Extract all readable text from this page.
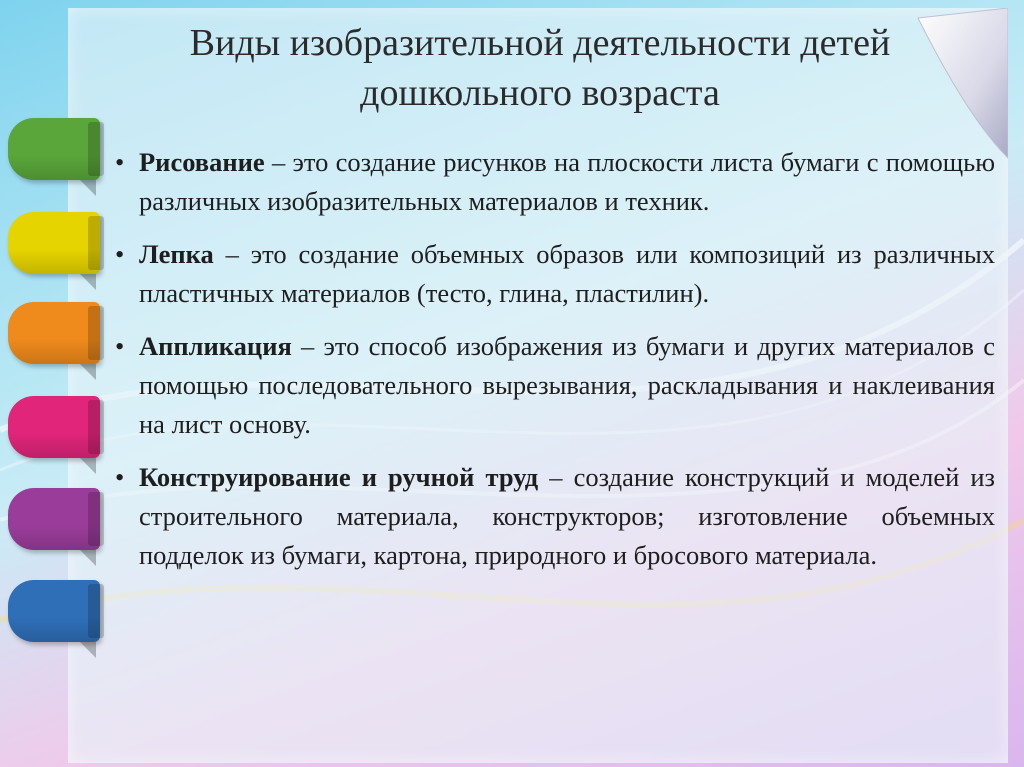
Виды изобразительной деятельности детей
дошкольного возраста
• Рисование – это создание рисунков на плоскости листа бумаги с помощью различных изобразительных материалов и техник.
• Лепка – это создание объемных образов или композиций из различных пластичных материалов (тесто, глина, пластилин).
• Аппликация – это способ изображения из бумаги и других материалов с помощью последовательного вырезывания, раскладывания и наклеивания на лист основу.
• Конструирование и ручной труд – создание конструкций и моделей из строительного материала, конструкторов; изготовление объемных подделок из бумаги, картона, природного и бросового материала.
